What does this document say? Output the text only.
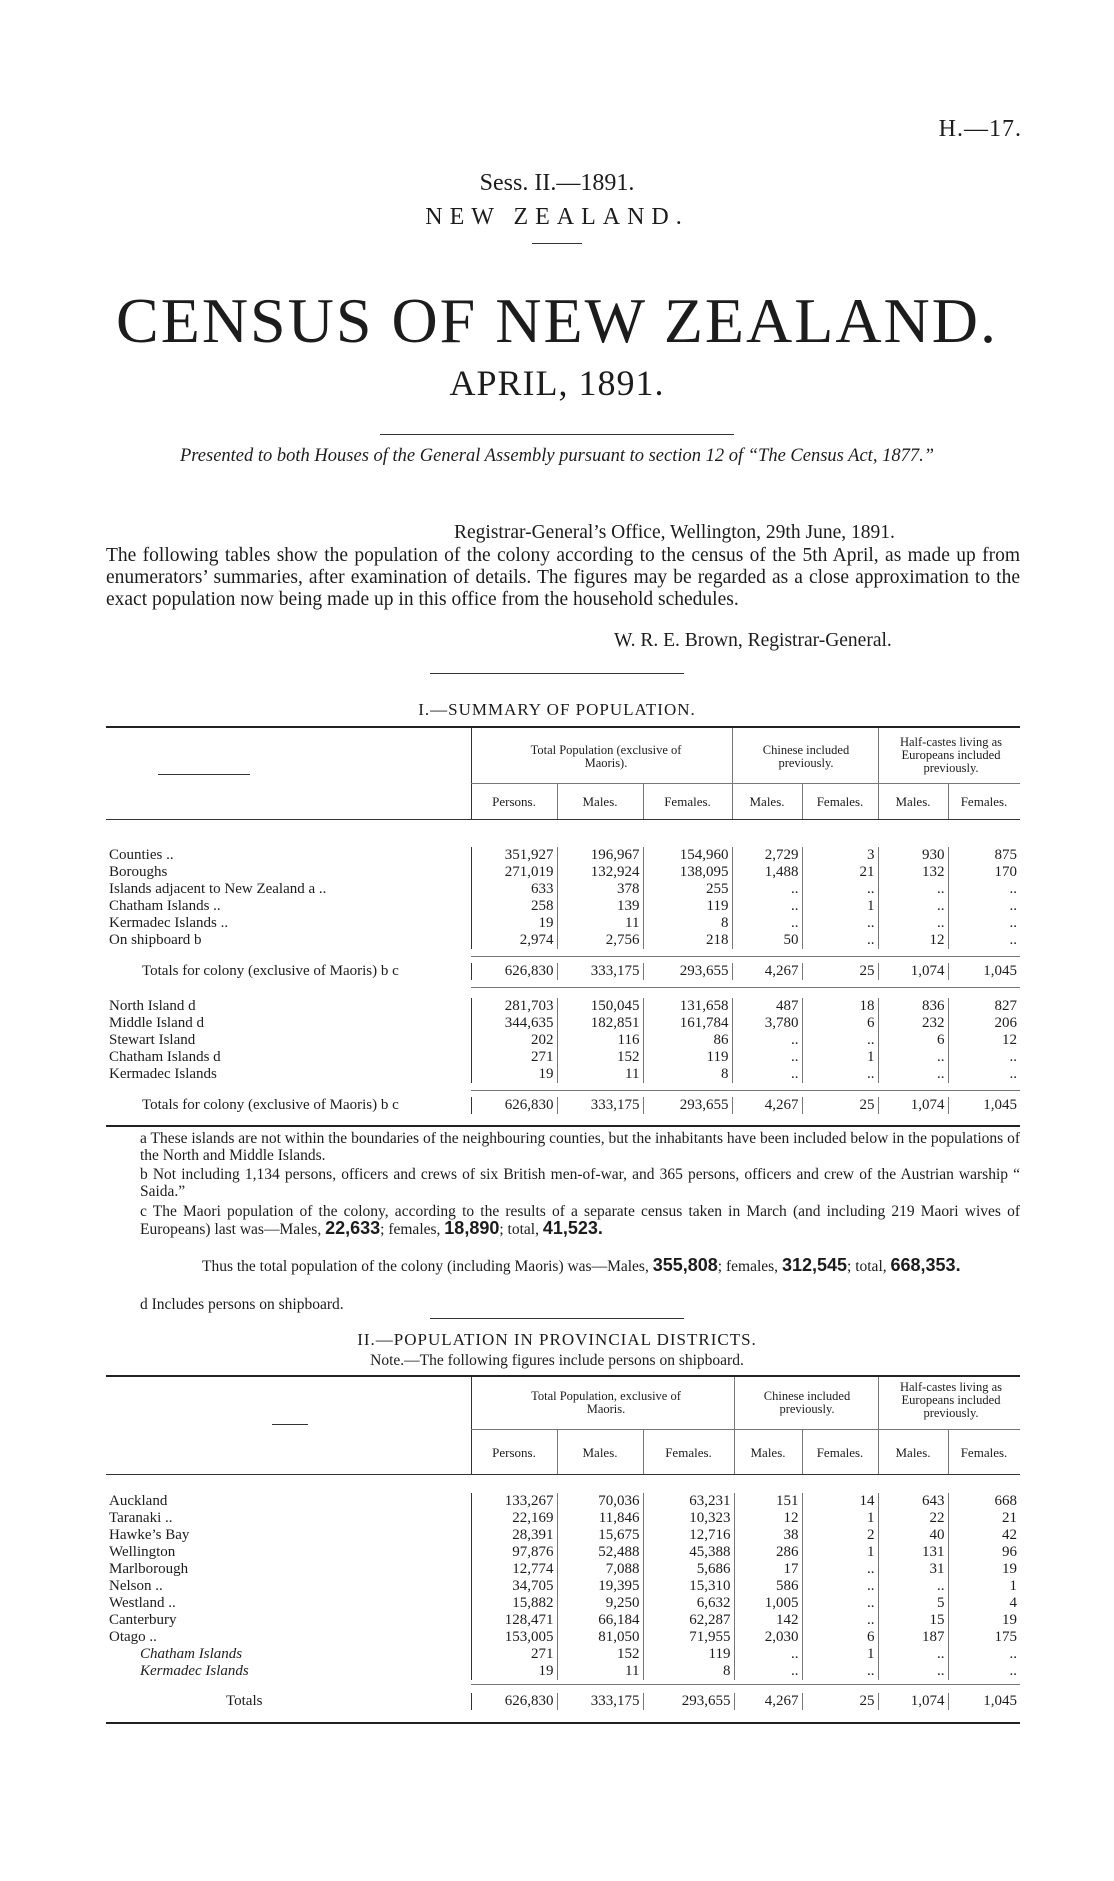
H.—17.
Sess. II.—1891.
NEW ZEALAND.
CENSUS OF NEW ZEALAND.
APRIL, 1891.
Presented to both Houses of the General Assembly pursuant to section 12 of “The Census Act, 1877.”
Registrar-General’s Office, Wellington, 29th June, 1891.
The following tables show the population of the colony according to the census of the 5th April, as made up from enumerators’ summaries, after examination of details. The figures may be regarded as a close approximation to the exact population now being made up in this office from the household schedules.
W. R. E. Brown, Registrar-General.
I.—SUMMARY OF POPULATION.
Total Population (exclusive of Maoris).
Chinese included previously.
Half-castes living as Europeans included previously.
Persons.	Males.	Females.	Males.	Females.	Males.	Females.
Counties ..	351,927	196,967	154,960	2,729	3	930	875
Boroughs	271,019	132,924	138,095	1,488	21	132	170
Islands adjacent to New Zealand a ..	633	378	255	..	..	..	..
Chatham Islands ..	258	139	119	..	1	..	..
Kermadec Islands ..	19	11	8	..	..	..	..
On shipboard b	2,974	2,756	218	50	..	12	..
Totals for colony (exclusive of Maoris) b c	626,830	333,175	293,655	4,267	25	1,074	1,045
North Island d	281,703	150,045	131,658	487	18	836	827
Middle Island d	344,635	182,851	161,784	3,780	6	232	206
Stewart Island	202	116	86	..	..	6	12
Chatham Islands d	271	152	119	..	1	..	..
Kermadec Islands	19	11	8	..	..	..	..
Totals for colony (exclusive of Maoris) b c	626,830	333,175	293,655	4,267	25	1,074	1,045
a These islands are not within the boundaries of the neighbouring counties, but the inhabitants have been included below in the populations of the North and Middle Islands.
b Not including 1,134 persons, officers and crews of six British men-of-war, and 365 persons, officers and crew of the Austrian warship “ Saida.”
c The Maori population of the colony, according to the results of a separate census taken in March (and including 219 Maori wives of Europeans) last was—Males, 22,633; females, 18,890; total, 41,523.
Thus the total population of the colony (including Maoris) was—Males, 355,808; females, 312,545; total, 668,353.
d Includes persons on shipboard.
II.—POPULATION IN PROVINCIAL DISTRICTS.
Note.—The following figures include persons on shipboard.
Total Population, exclusive of Maoris.
Chinese included previously.
Half-castes living as Europeans included previously.
Persons.	Males.	Females.	Males.	Females.	Males.	Females.
Auckland	133,267	70,036	63,231	151	14	643	668
Taranaki ..	22,169	11,846	10,323	12	1	22	21
Hawke’s Bay	28,391	15,675	12,716	38	2	40	42
Wellington	97,876	52,488	45,388	286	1	131	96
Marlborough	12,774	7,088	5,686	17	..	31	19
Nelson ..	34,705	19,395	15,310	586	..	..	1
Westland ..	15,882	9,250	6,632	1,005	..	5	4
Canterbury	128,471	66,184	62,287	142	..	15	19
Otago ..	153,005	81,050	71,955	2,030	6	187	175
Chatham Islands	271	152	119	..	1	..	..
Kermadec Islands	19	11	8	..	..	..	..
Totals	626,830	333,175	293,655	4,267	25	1,074	1,045
